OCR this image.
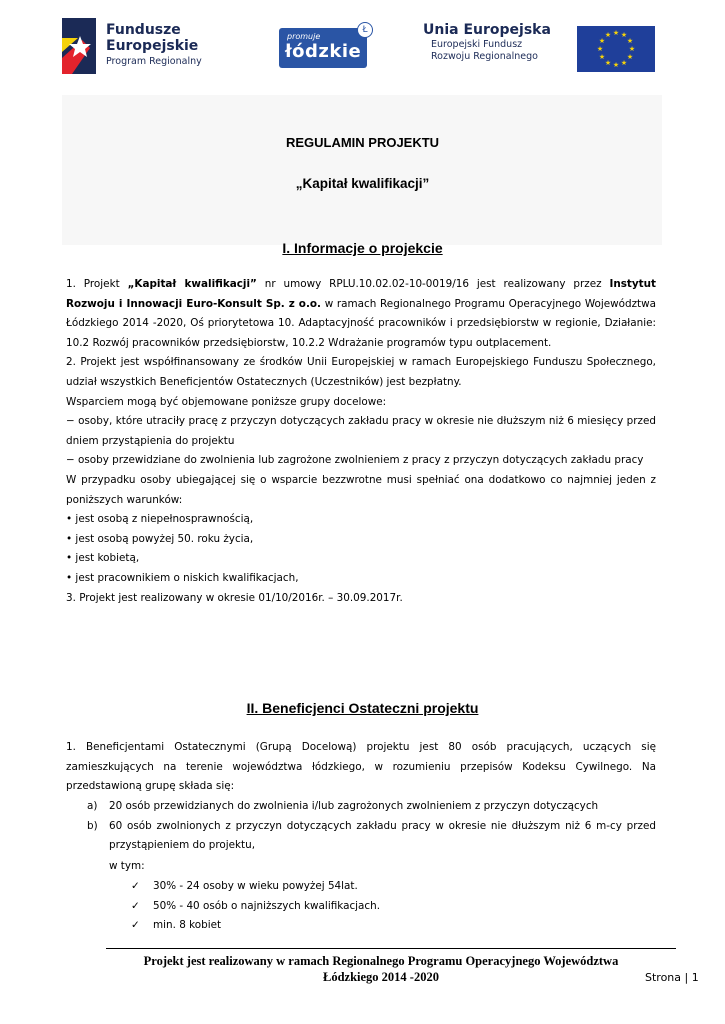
Fundusze
Europejskie
Program Regionalny
promuje
łódzkie
Ł	Unia Europejska
Europejski Fundusz
Rozwoju Regionalnego
★ ★
★
★
★
★
★
★
★
★
★
★
REGULAMIN PROJEKTU
„Kapitał kwalifikacji”
I. Informacje o projekcie
1. Projekt „Kapitał kwalifikacji” nr umowy RPLU.10.02.02-10-0019/16 jest realizowany przez Instytut Rozwoju i Innowacji Euro-Konsult Sp. z o.o. w ramach Regionalnego Programu Operacyjnego Województwa Łódzkiego 2014 -2020, Oś priorytetowa 10. Adaptacyjność pracowników i przedsiębiorstw w regionie, Działanie: 10.2 Rozwój pracowników przedsiębiorstw, 10.2.2 Wdrażanie programów typu outplacement.
2. Projekt jest współfinansowany ze środków Unii Europejskiej w ramach Europejskiego Funduszu Społecznego, udział wszystkich Beneficjentów Ostatecznych (Uczestników) jest bezpłatny.
Wsparciem mogą być objemowane poniższe grupy docelowe:
− osoby, które utraciły pracę z przyczyn dotyczących zakładu pracy w okresie nie dłuższym niż 6 miesięcy przed dniem przystąpienia do projektu
− osoby przewidziane do zwolnienia lub zagrożone zwolnieniem z pracy z przyczyn dotyczących zakładu pracy
W przypadku osoby ubiegającej się o wsparcie bezzwrotne musi spełniać ona dodatkowo co najmniej jeden z poniższych warunków:
• jest osobą z niepełnosprawnością,
• jest osobą powyżej 50. roku życia,
• jest kobietą,
• jest pracownikiem o niskich kwalifikacjach,
3. Projekt jest realizowany w okresie 01/10/2016r. – 30.09.2017r.
II. Beneficjenci Ostateczni projektu
1. Beneficjentami Ostatecznymi (Grupą Docelową) projektu jest 80 osób pracujących, uczących się zamieszkujących na terenie województwa łódzkiego, w rozumieniu przepisów Kodeksu Cywilnego. Na przedstawioną grupę składa się:
a) 20 osób przewidzianych do zwolnienia i/lub zagrożonych zwolnieniem z przyczyn dotyczących
b) 60 osób zwolnionych z przyczyn dotyczących zakładu pracy w okresie nie dłuższym niż 6 m-cy przed przystąpieniem do projektu,
w tym:
✓ 30% - 24 osoby w wieku powyżej 54lat.
✓ 50% - 40 osób o najniższych kwalifikacjach.
✓ min. 8 kobiet
Projekt jest realizowany w ramach Regionalnego Programu Operacyjnego Województwa
Łódzkiego 2014 -2020	Strona | 1
